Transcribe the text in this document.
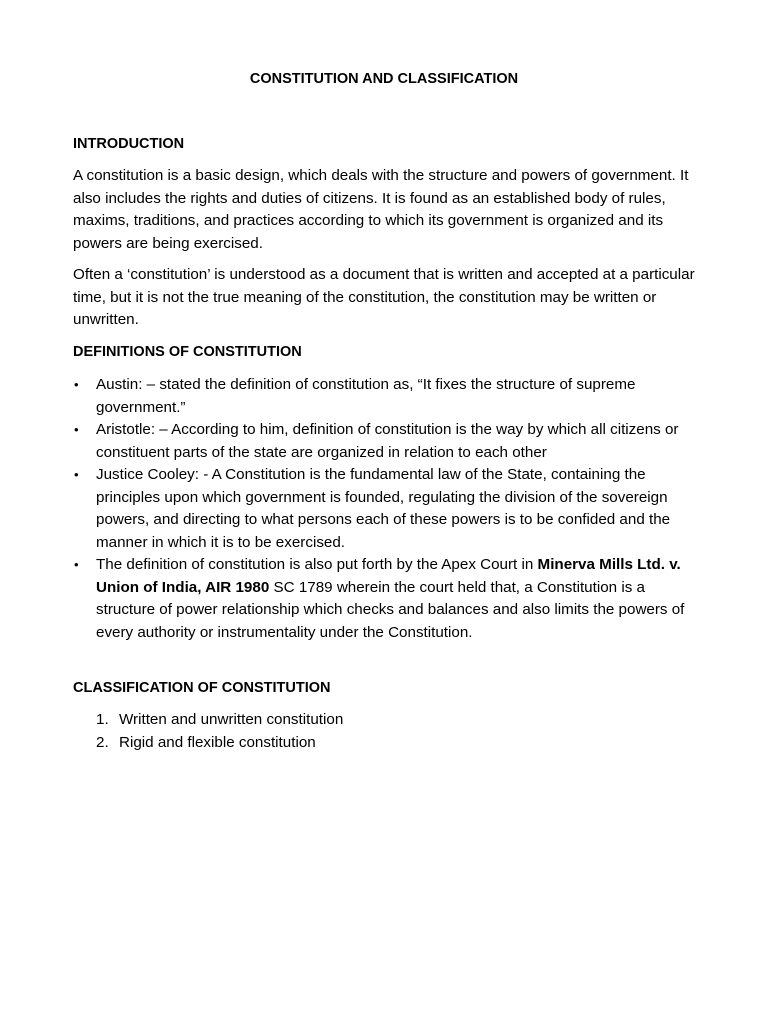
CONSTITUTION AND CLASSIFICATION
INTRODUCTION

A constitution is a basic design, which deals with the structure and powers of government. It also includes the rights and duties of citizens. It is found as an established body of rules, maxims, traditions, and practices according to which its government is organized and its powers are being exercised.

Often a ‘constitution’ is understood as a document that is written and accepted at a particular time, but it is not the true meaning of the constitution, the constitution may be written or unwritten.

DEFINITIONS OF CONSTITUTION
• Austin: – stated the definition of constitution as, “It fixes the structure of supreme government.”
• Aristotle: – According to him, definition of constitution is the way by which all citizens or constituent parts of the state are organized in relation to each other
• Justice Cooley: - A Constitution is the fundamental law of the State, containing the principles upon which government is founded, regulating the division of the sovereign powers, and directing to what persons each of these powers is to be confided and the manner in which it is to be exercised.
• The definition of constitution is also put forth by the Apex Court in Minerva Mills Ltd. v. Union of India, AIR 1980 SC 1789 wherein the court held that, a Constitution is a structure of power relationship which checks and balances and also limits the powers of every authority or instrumentality under the Constitution.
CLASSIFICATION OF CONSTITUTION
1. Written and unwritten constitution
2. Rigid and flexible constitution
